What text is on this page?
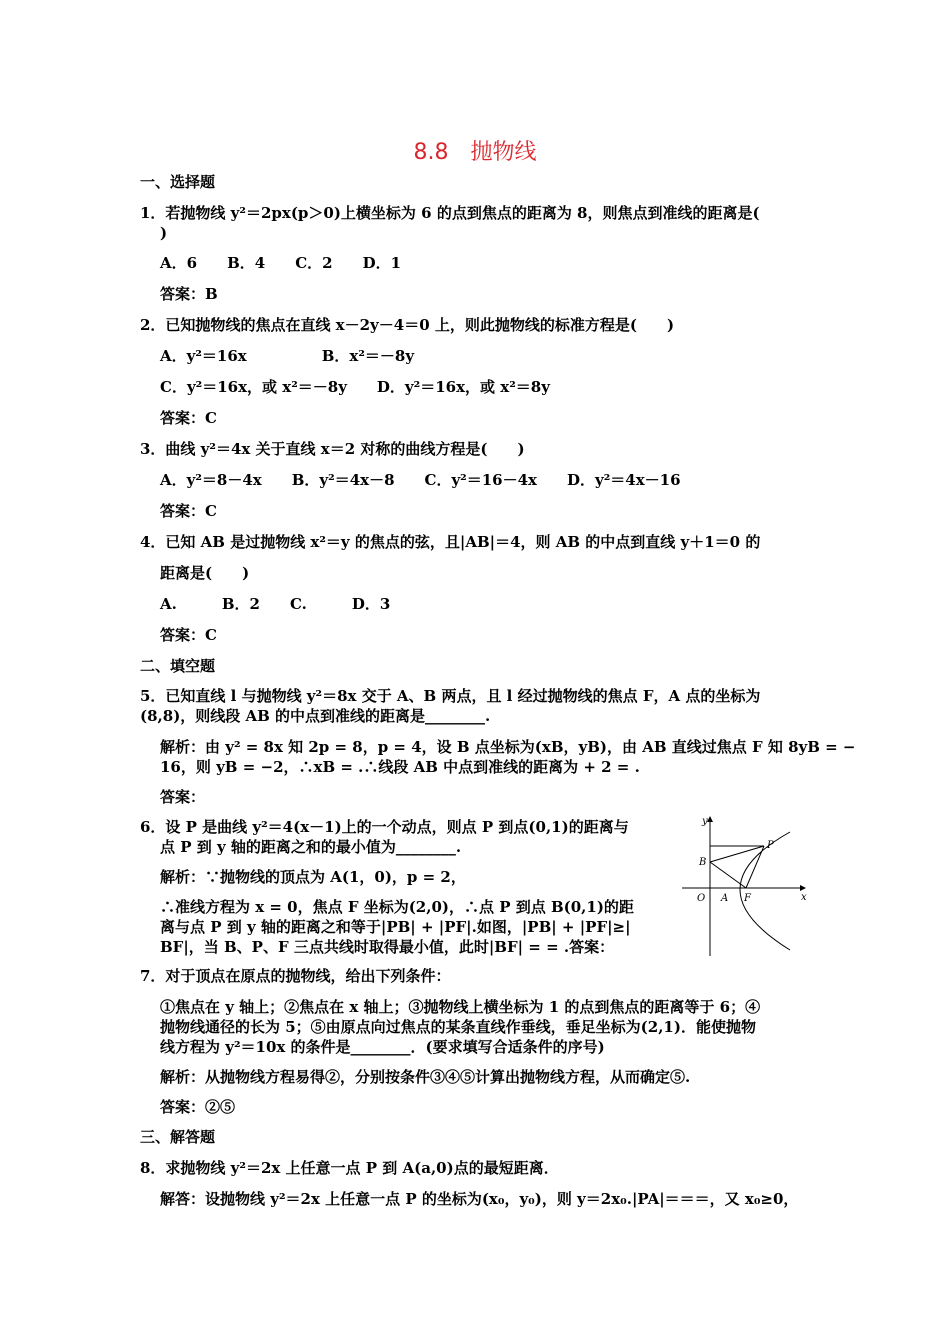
8.8　抛物线
一、选择题
1．若抛物线 y²＝2px(p＞0)上横坐标为 6 的点到焦点的距离为 8，则焦点到准线的距离是(
)
A．6　　B．4　　C．2　　D．1
答案：B
2．已知抛物线的焦点在直线 x－2y－4＝0 上，则此抛物线的标准方程是(　　)
A．y²＝16x　　　　　B．x²＝－8y
C．y²＝16x，或 x²＝－8y　　D．y²＝16x，或 x²＝8y
答案：C
3．曲线 y²＝4x 关于直线 x＝2 对称的曲线方程是(　　)
A．y²＝8－4x　　B．y²＝4x－8　　C．y²＝16－4x　　D．y²＝4x－16
答案：C
4．已知 AB 是过抛物线 x²＝y 的焦点的弦，且|AB|＝4，则 AB 的中点到直线 y＋1＝0 的
距离是(　　)
A.　　　B．2　　C.　　　D．3
答案：C
二、填空题
5．已知直线 l 与抛物线 y²＝8x 交于 A、B 两点，且 l 经过抛物线的焦点 F，A 点的坐标为
(8,8)，则线段 AB 的中点到准线的距离是________.
解析：由 y² = 8x 知 2p = 8，p = 4，设 B 点坐标为(xB，yB)，由 AB 直线过焦点 F 知 8yB = −
16，则 yB = −2，∴xB = .∴线段 AB 中点到准线的距离为 + 2 = .
答案：
6．设 P 是曲线 y²＝4(x－1)上的一个动点，则点 P 到点(0,1)的距离与
点 P 到 y 轴的距离之和的最小值为________.
解析：∵抛物线的顶点为 A(1，0)，p = 2，
∴准线方程为 x = 0，焦点 F 坐标为(2,0)，∴点 P 到点 B(0,1)的距
离与点 P 到 y 轴的距离之和等于|PB| + |PF|.如图，|PB| + |PF|≥|
BF|，当 B、P、F 三点共线时取得最小值，此时|BF| = = .答案：
y
x
O A F
B
P
7．对于顶点在原点的抛物线，给出下列条件：
①焦点在 y 轴上；②焦点在 x 轴上；③抛物线上横坐标为 1 的点到焦点的距离等于 6；④
抛物线通径的长为 5；⑤由原点向过焦点的某条直线作垂线，垂足坐标为(2,1)．能使抛物
线方程为 y²＝10x 的条件是________．(要求填写合适条件的序号)
解析：从抛物线方程易得②，分别按条件③④⑤计算出抛物线方程，从而确定⑤.
答案：②⑤
三、解答题
8．求抛物线 y²＝2x 上任意一点 P 到 A(a,0)点的最短距离．
解答：设抛物线 y²＝2x 上任意一点 P 的坐标为(x₀，y₀)，则 y＝2x₀.|PA|＝＝＝，又 x₀≥0，
